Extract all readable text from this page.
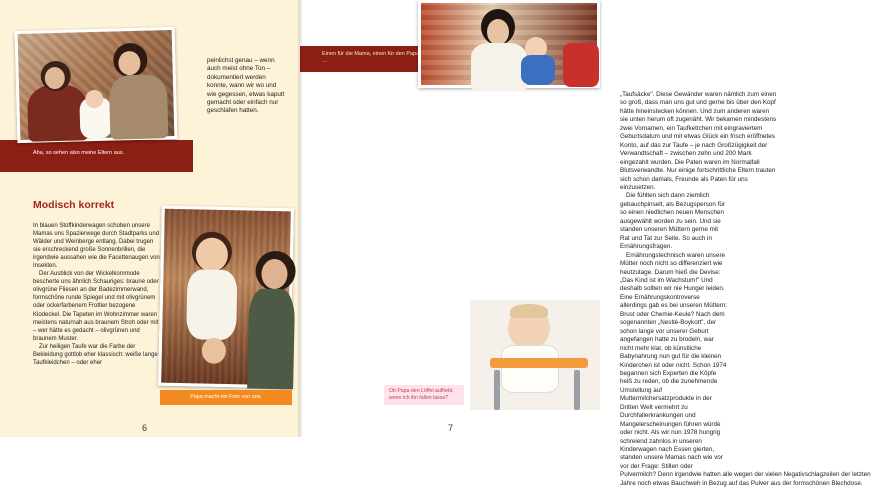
Aha, so sehen also meine Eltern aus.
peinlichst genau – wenn auch meist ohne Ton – dokumentiert werden konnte, wann wir wo und wie gegessen, etwas kaputt gemacht oder einfach nur geschlafen hatten.
Modisch korrekt

In blauen Stoffkinderwagen schoben unsere Mamas uns Spazierwege durch Stadtparks und Wälder und Weinberge entlang. Dabei trugen sie erschreckend große Sonnenbrillen, die irgendwie aussahen wie die Facettenaugen von Insekten.

Der Ausblick von der Wickelkommode bescherte uns ähnlich Schauriges: braune oder olivgrüne Fliesen an der Badezimmerwand, formschöne runde Spiegel und mit olivgrünem oder ockerfarbenem Frottier bezogene Klodeckel. Die Tapeten im Wohnzimmer waren meistens naturnah aus braunem Stroh oder mit – wer hätte es gedacht – olivgrünen und braunem Muster.

Zur heiligen Taufe war die Farbe der Bekleidung gottlob eher klassisch: weiße lange Taufkleidchen – oder eher

Papa macht ein Foto von uns.
6
Einen für die Mama, einen für den Papa …

„Taufsäcke". Diese Gewänder waren nämlich zum einen so groß, dass man uns gut und gerne bis über den Kopf hätte hineinstecken können. Und zum anderen waren sie unten herum oft zugenäht. Wir bekamen mindestens zwei Vornamen, ein Taufkettchen mit eingraviertem Geburtsdatum und mit etwas Glück ein frisch eröffnetes Konto, auf das zur Taufe – je nach Großzügigkeit der Verwandtschaft – zwischen zehn und 200 Mark eingezahlt wurden. Die Paten waren im Normalfall Blutsverwandte. Nur einige fortschrittliche Eltern trauten sich schon damals, Freunde als Paten für uns einzusetzen.

Die fühlten sich dann ziemlich gebauchpinselt, als Bezugsperson für so einen niedlichen neuen Menschen ausgewählt worden zu sein. Und sie standen unseren Müttern gerne mit Rat und Tat zur Seite. So auch in Ernährungsfragen.

Ernährungstechnisch waren unsere Mütter noch nicht so differenziert wie heutzutage. Darum hieß die Devise: „Das Kind ist im Wachstum!" Und deshalb sollten wir nie Hunger leiden. Eine Ernährungskontroverse allerdings gab es bei unseren Müttern: Brust oder Chemie-Keule? Nach dem sogenannten „Nestlé-Boykott", der schon lange vor unserer Geburt angefangen hatte zu brodeln, war nicht mehr klar, ob künstliche Babynahrung nun gut für die kleinen Kinderchen ist oder nicht. Schon 1974 begannen sich Experten die Köpfe heiß zu reden, ob die zunehmende Umstellung auf Muttermilchersatzprodukte in der Dritten Welt vermehrt zu Durchfallerkrankungen und Mangelerscheinungen führen würde oder nicht. Als wir nun 1978 hungrig schreiend zahnlos in unseren Kinderwagen nach Essen gierten, standen unsere Mamas nach wie vor vor der Frage: Stillen oder Pulvermilch? Denn irgendwie hatten alle wegen der vielen Negativschlagzeilen der letzten Jahre noch etwas Bauchweh in Bezug auf das Pulver aus der formschönen Blechdose.

Ob Papa den Löffel aufhebt, wenn ich ihn fallen lasse?
7
